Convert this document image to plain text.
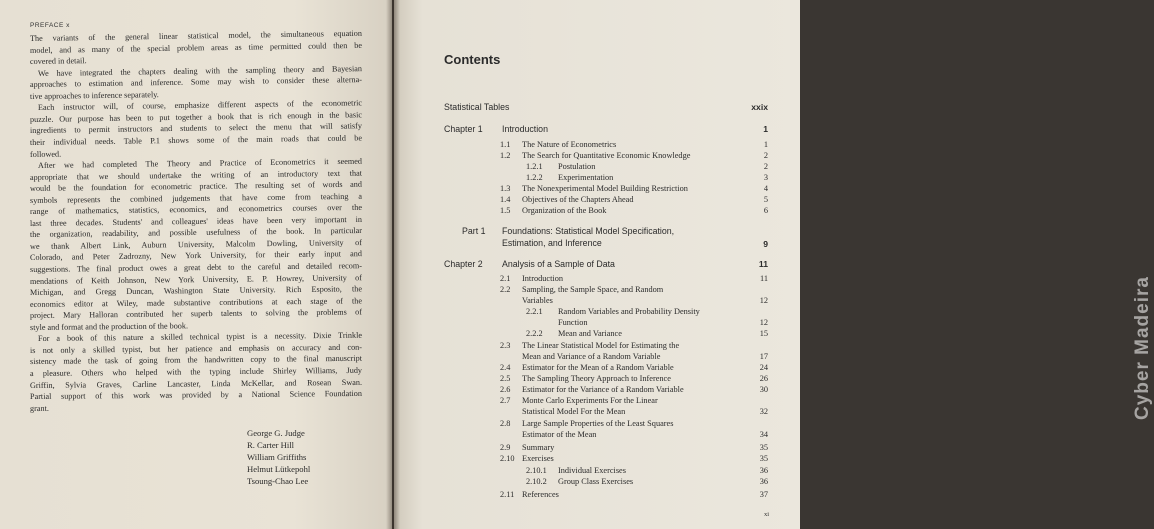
PREFACE x
The variants of the general linear statistical model, the simultaneous equation
model, and as many of the special problem areas as time permitted could then be
covered in detail.
We have integrated the chapters dealing with the sampling theory and Bayesian
approaches to estimation and inference. Some may wish to consider these alterna-
tive approaches to inference separately.
Each instructor will, of course, emphasize different aspects of the econometric
puzzle. Our purpose has been to put together a book that is rich enough in the basic
ingredients to permit instructors and students to select the menu that will satisfy
their individual needs. Table P.1 shows some of the main roads that could be
followed.
After we had completed The Theory and Practice of Econometrics it seemed
appropriate that we should undertake the writing of an introductory text that
would be the foundation for econometric practice. The resulting set of words and
symbols represents the combined judgements that have come from teaching a
range of mathematics, statistics, economics, and econometrics courses over the
last three decades. Students' and colleagues' ideas have been very important in
the organization, readability, and possible usefulness of the book. In particular
we thank Albert Link, Auburn University, Malcolm Dowling, University of
Colorado, and Peter Zadrozny, New York University, for their early input and
suggestions. The final product owes a great debt to the careful and detailed recom-
mendations of Keith Johnson, New York University, E. P. Howrey, University of
Michigan, and Gregg Duncan, Washington State University. Rich Esposito, the
economics editor at Wiley, made substantive contributions at each stage of the
project. Mary Halloran contributed her superb talents to solving the problems of
style and format and the production of the book.
For a book of this nature a skilled technical typist is a necessity. Dixie Trinkle
is not only a skilled typist, but her patience and emphasis on accuracy and con-
sistency made the task of going from the handwritten copy to the final manuscript
a pleasure. Others who helped with the typing include Shirley Williams, Judy
Griffin, Sylvia Graves, Carline Lancaster, Linda McKellar, and Rosean Swan.
Partial support of this work was provided by a National Science Foundation
grant.
George G. Judge
R. Carter Hill
William Griffiths
Helmut Lütkepohl
Tsoung-Chao Lee
Contents
Statistical Tables	xxix
Chapter 1 Introduction	1
1.1 The Nature of Econometrics	1
1.2 The Search for Quantitative Economic Knowledge	2
1.2.1 Postulation	2
1.2.2 Experimentation	3
1.3 The Nonexperimental Model Building Restriction	4
1.4 Objectives of the Chapters Ahead	5
1.5 Organization of the Book	6
Part 1 Foundations: Statistical Model Specification,
Estimation, and Inference	9
Chapter 2 Analysis of a Sample of Data	11
2.1 Introduction	11
2.2 Sampling, the Sample Space, and Random
Variables	12
2.2.1 Random Variables and Probability Density
Function	12
2.2.2 Mean and Variance	15
2.3 The Linear Statistical Model for Estimating the
Mean and Variance of a Random Variable	17
2.4 Estimator for the Mean of a Random Variable	24
2.5 The Sampling Theory Approach to Inference	26
2.6 Estimator for the Variance of a Random Variable	30
2.7 Monte Carlo Experiments For the Linear
Statistical Model For the Mean	32
2.8 Large Sample Properties of the Least Squares
Estimator of the Mean	34
2.9 Summary	35
2.10 Exercises	35
2.10.1 Individual Exercises	36
2.10.2 Group Class Exercises	36
2.11 References	37
xi
Cyber Madeira
